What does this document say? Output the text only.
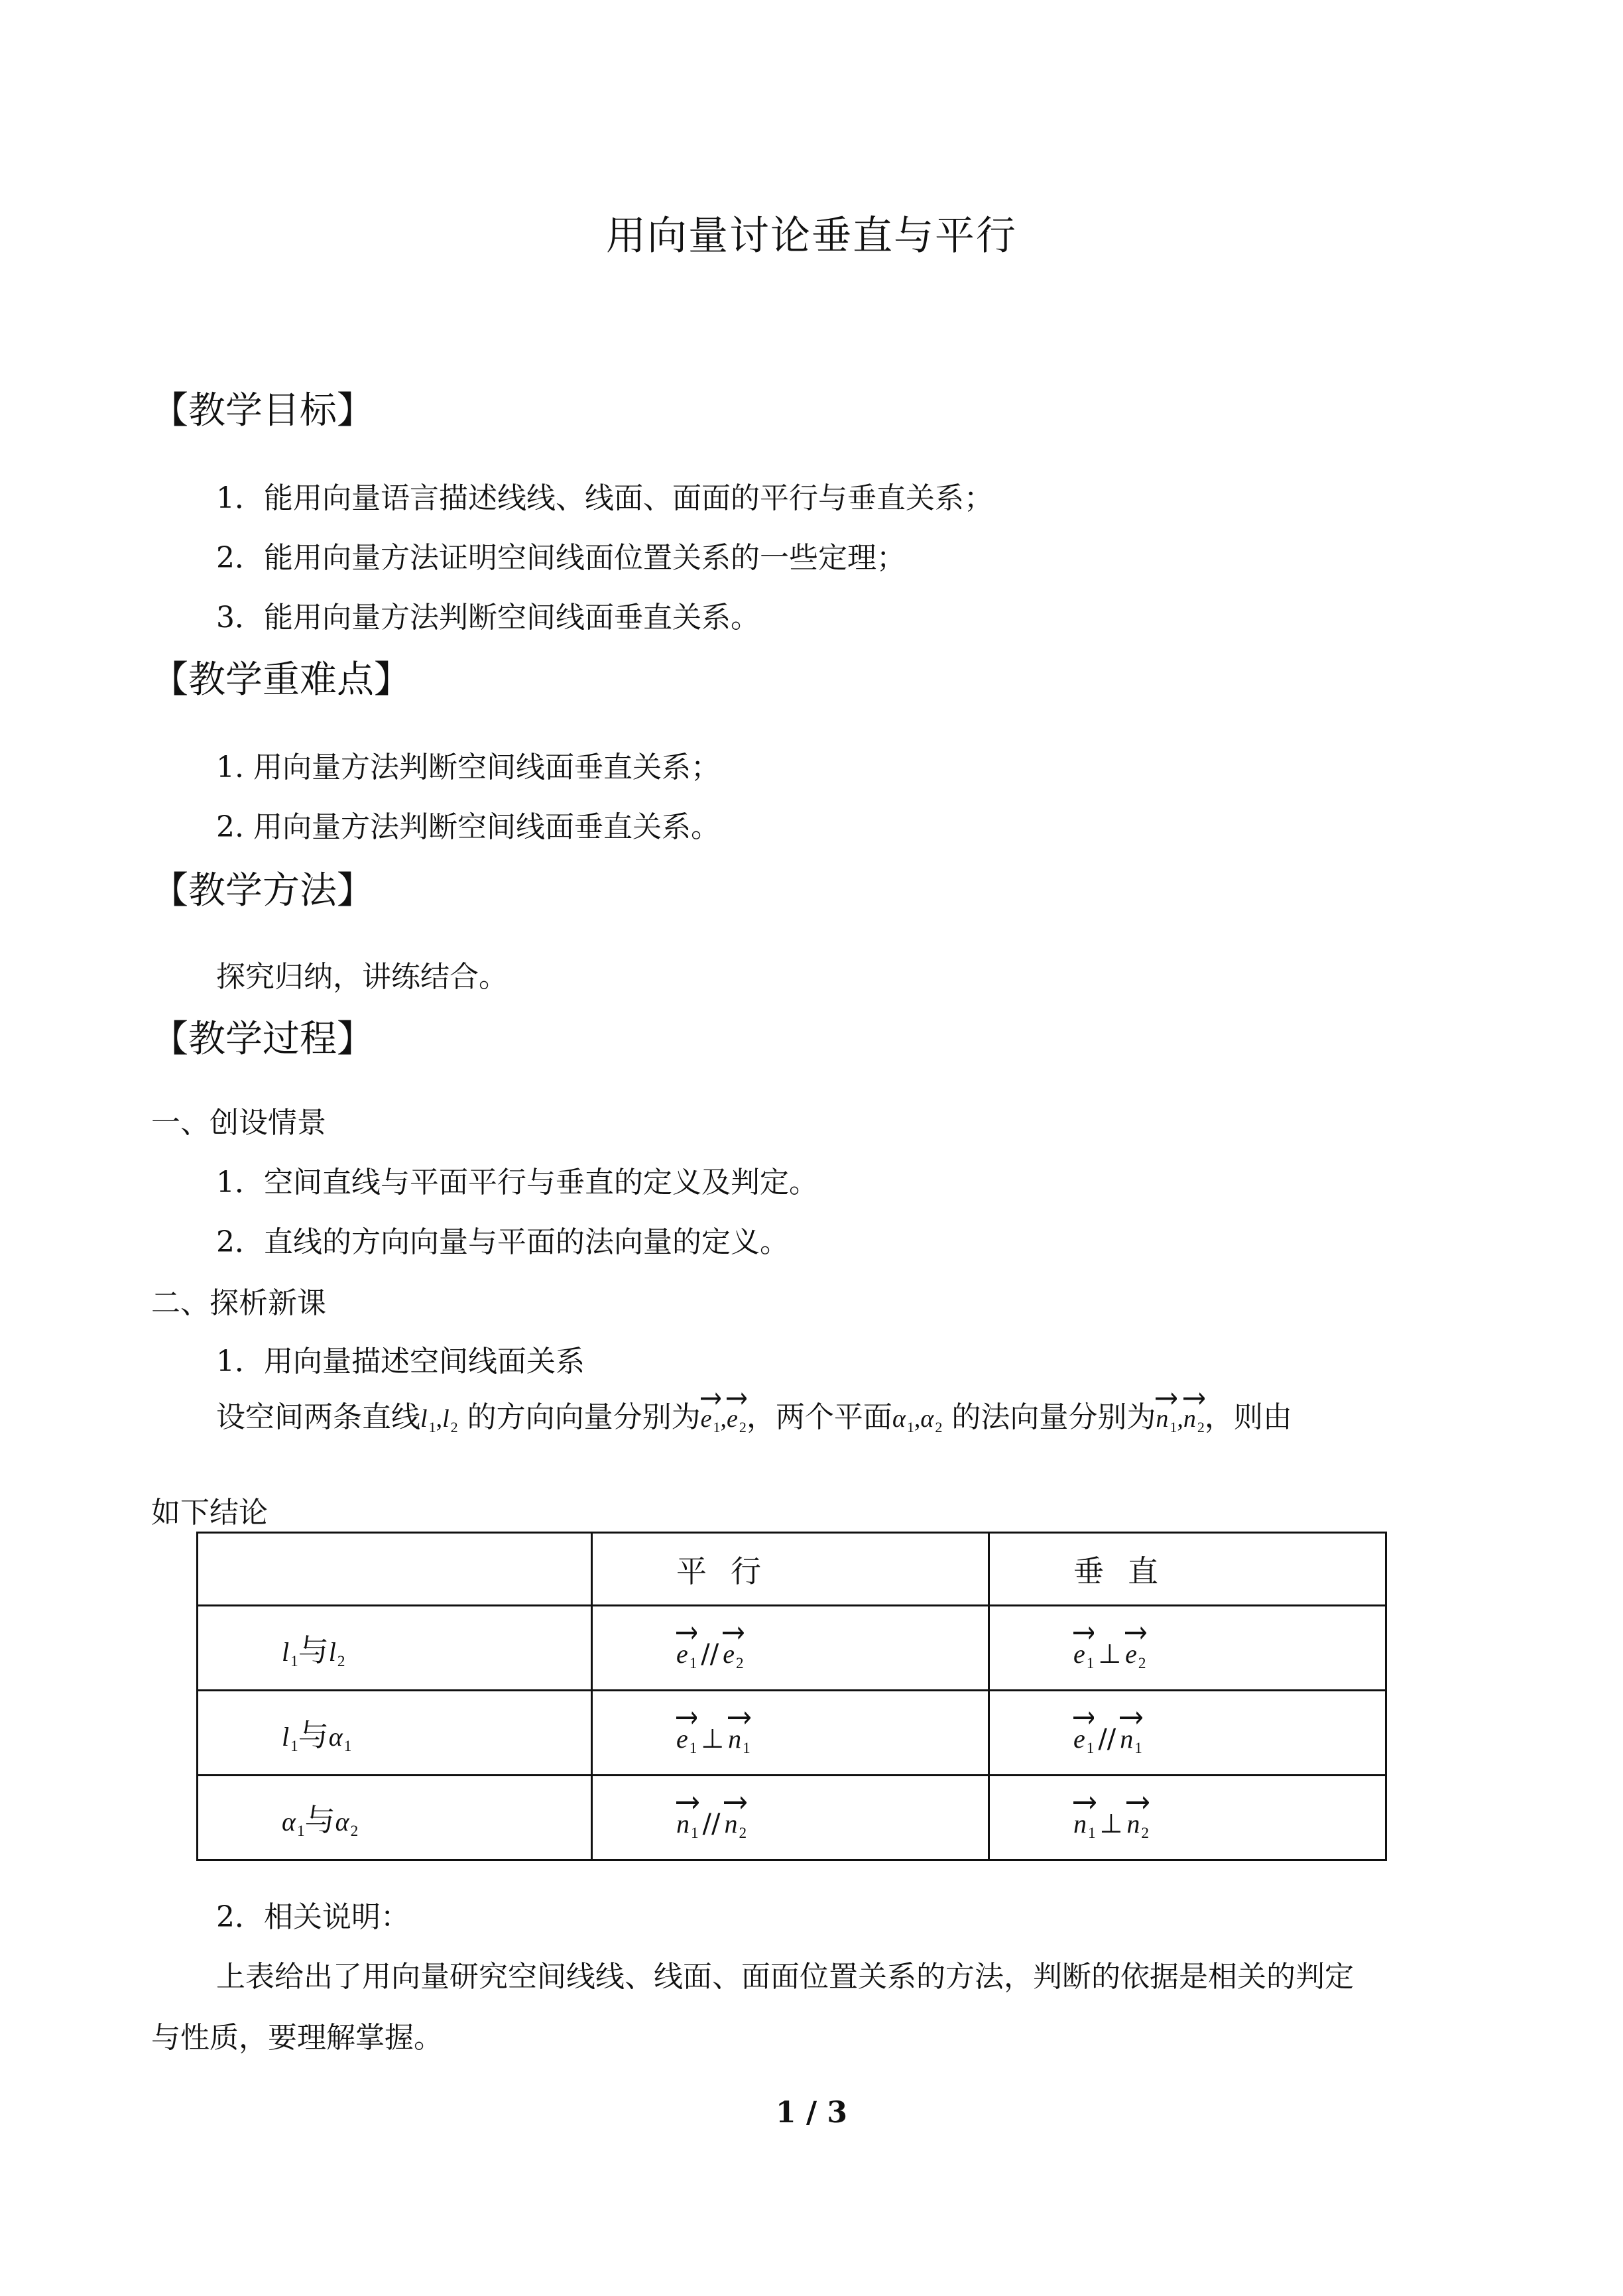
用向量讨论垂直与平行
【教学目标】
1．能用向量语言描述线线、线面、面面的平行与垂直关系；
2．能用向量方法证明空间线面位置关系的一些定理；
3．能用向量方法判断空间线面垂直关系。
【教学重难点】
1. 用向量方法判断空间线面垂直关系；
2. 用向量方法判断空间线面垂直关系。
【教学方法】
探究归纳，讲练结合。
【教学过程】
一、创设情景
1．空间直线与平面平行与垂直的定义及判定。
2．直线的方向向量与平面的法向量的定义。
二、探析新课
1．用向量描述空间线面关系
设空间两条直线$l_1,l_2$ 的方向向量分别为
$e_1$,
$e_2$，两个平面$\alpha_1,\alpha_2$ 的法向量分别为
$n_1$,
$n_2$，则由
如下结论
	平行	垂直
$l_1$与$l_2$	$e_1 // e_2$	$e_1$ ⊥ $e_2$
$l_1$与$\alpha_1$	$e_1$ ⊥ $n_1$	$e_1 // n_1$
$\alpha_1$与$\alpha_2$	$n_1 // n_2$	$n_1$ ⊥ $n_2$
2．相关说明：
上表给出了用向量研究空间线线、线面、面面位置关系的方法，判断的依据是相关的判定
与性质，要理解掌握。
1 / 3
